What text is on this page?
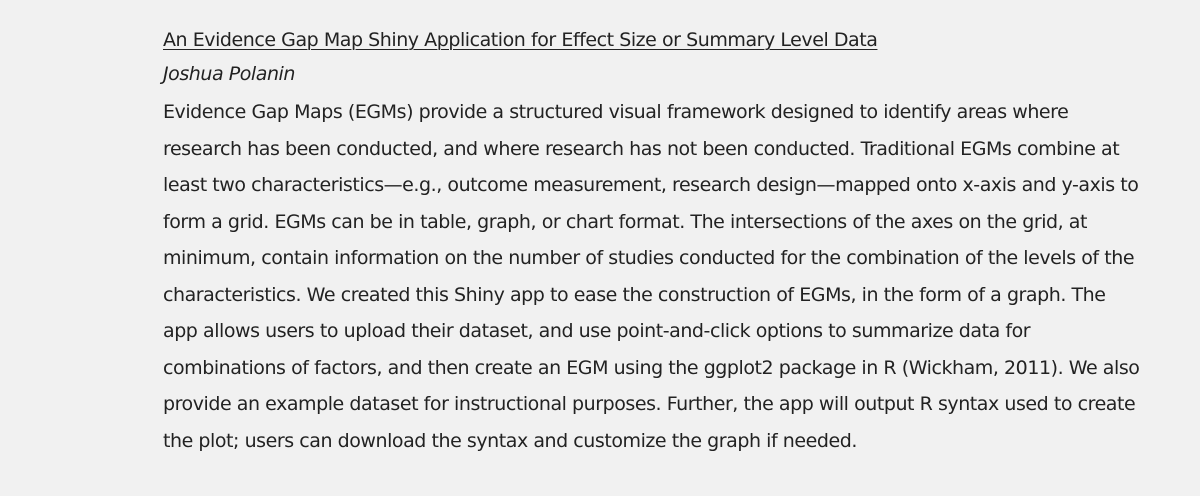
An Evidence Gap Map Shiny Application for Effect Size or Summary Level Data
Joshua Polanin
Evidence Gap Maps (EGMs) provide a structured visual framework designed to identify areas where
research has been conducted, and where research has not been conducted. Traditional EGMs combine at
least two characteristics—e.g., outcome measurement, research design—mapped onto x-axis and y-axis to
form a grid. EGMs can be in table, graph, or chart format. The intersections of the axes on the grid, at
minimum, contain information on the number of studies conducted for the combination of the levels of the
characteristics. We created this Shiny app to ease the construction of EGMs, in the form of a graph. The
app allows users to upload their dataset, and use point-and-click options to summarize data for
combinations of factors, and then create an EGM using the ggplot2 package in R (Wickham, 2011). We also
provide an example dataset for instructional purposes. Further, the app will output R syntax used to create
the plot; users can download the syntax and customize the graph if needed.
